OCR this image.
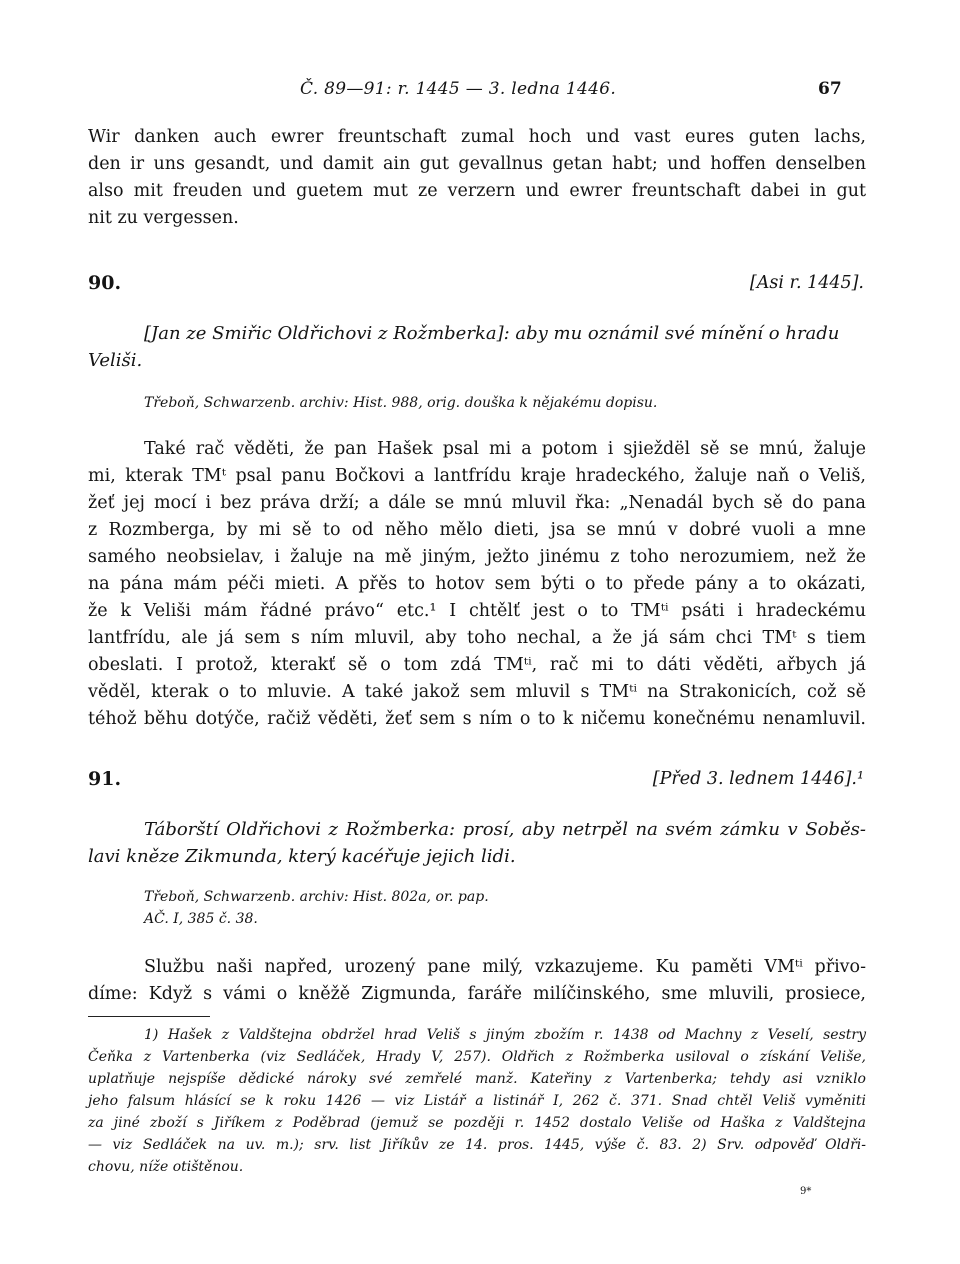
Č. 89—91: r. 1445 — 3. ledna 1446.	67
Wir danken auch ewrer freuntschaft zumal hoch und vast eures guten lachs,
den ir uns gesandt, und damit ain gut gevallnus getan habt; und hoffen denselben
also mit freuden und guetem mut ze verzern und ewrer freuntschaft dabei in gut
nit zu vergessen.
90.	[Asi r. 1445].
[Jan ze Smiřic Oldřichovi z Rožmberka]: aby mu oznámil své mínění o hradu
Veliši.
Třeboň, Schwarzenb. archiv: Hist. 988, orig. douška k nějakému dopisu.
Také rač věděti, že pan Hašek psal mi a potom i sjieždël sě se mnú, žaluje
mi, kterak TMᵗ psal panu Bočkovi a lantfrídu kraje hradeckého, žaluje naň o Veliš,
žeť jej mocí i bez práva drží; a dále se mnú mluvil řka: „Nenadál bych sě do pana
z Rozmberga, by mi sě to od něho mělo dieti, jsa se mnú v dobré vuoli a mne
samého neobsielav, i žaluje na mě jiným, ježto jinému z toho nerozumiem, než že
na pána mám péči mieti. A přěs to hotov sem býti o to přede pány a to okázati,
že k Veliši mám řádné právo“ etc.¹ I chtělť jest o to TMᵗⁱ psáti i hradeckému
lantfrídu, ale já sem s ním mluvil, aby toho nechal, a že já sám chci TMᵗ s tiem
obeslati. I protož, kterakť sě o tom zdá TMᵗⁱ, rač mi to dáti věděti, ařbych já
věděl, kterak o to mluvie. A také jakož sem mluvil s TMᵗⁱ na Strakonicích, což sě
téhož běhu dotýče, račiž věděti, žeť sem s ním o to k ničemu konečnému nenamluvil.
91.	[Před 3. lednem 1446].¹
Táborští Oldřichovi z Rožmberka: prosí, aby netrpěl na svém zámku v Soběs-
lavi kněze Zikmunda, který kacéřuje jejich lidi.
Třeboň, Schwarzenb. archiv: Hist. 802a, or. pap.
AČ. I, 385 č. 38.
Službu naši napřed, urozený pane milý, vzkazujeme. Ku paměti VMᵗⁱ přivo-
díme: Když s vámi o kněžě Zigmunda, faráře milíčinského, sme mluvili, prosiece,
1) Hašek z Valdštejna obdržel hrad Veliš s jiným zbožím r. 1438 od Machny z Veselí, sestry
Čeňka z Vartenberka (viz Sedláček, Hrady V, 257). Oldřich z Rožmberka usiloval o získání Veliše,
uplatňuje nejspíše dědické nároky své zemřelé manž. Kateřiny z Vartenberka; tehdy asi vzniklo
jeho falsum hlásící se k roku 1426 — viz Listář a listinář I, 262 č. 371. Snad chtěl Veliš vyměniti
za jiné zboží s Jiříkem z Poděbrad (jemuž se později r. 1452 dostalo Veliše od Haška z Valdštejna
— viz Sedláček na uv. m.); srv. list Jiříkův ze 14. pros. 1445, výše č. 83. 2) Srv. odpověď Oldři-
chovu, níže otištěnou.
9*
